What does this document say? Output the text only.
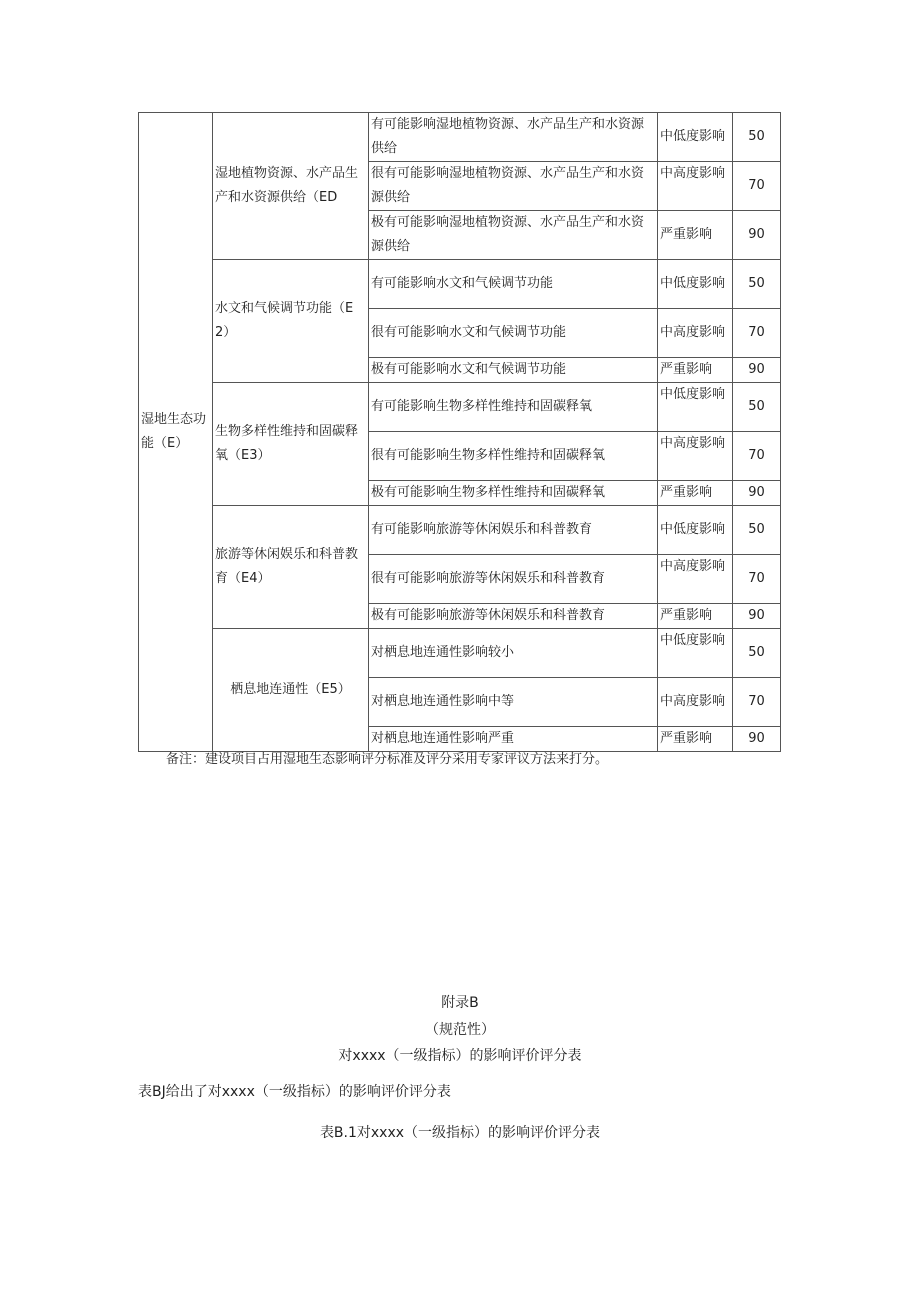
湿地生态功能（E）	湿地植物资源、水产品生产和水资源供给（ED	有可能影响湿地植物资源、水产品生产和水资源供给	中低度影响	50
		很有可能影响湿地植物资源、水产品生产和水资源供给	中高度影响	70
		极有可能影响湿地植物资源、水产品生产和水资源供给	严重影响	90
	水文和气候调节功能（E2）	有可能影响水文和气候调节功能	中低度影响	50
		很有可能影响水文和气候调节功能	中高度影响	70
		极有可能影响水文和气候调节功能	严重影响	90
	生物多样性维持和固碳释氧（E3）	有可能影响生物多样性维持和固碳释氧	中低度影响	50
		很有可能影响生物多样性维持和固碳释氧	中高度影响	70
		极有可能影响生物多样性维持和固碳释氧	严重影响	90
	旅游等休闲娱乐和科普教育（E4）	有可能影响旅游等休闲娱乐和科普教育	中低度影响	50
		很有可能影响旅游等休闲娱乐和科普教育	中高度影响	70
		极有可能影响旅游等休闲娱乐和科普教育	严重影响	90
	栖息地连通性（E5）	对栖息地连通性影响较小	中低度影响	50
		对栖息地连通性影响中等	中高度影响	70
		对栖息地连通性影响严重	严重影响	90
备注：建设项目占用湿地生态影响评分标准及评分采用专家评议方法来打分。
附录B
（规范性）
对xxxx（一级指标）的影响评价评分表
表BJ给出了对xxxx（一级指标）的影响评价评分表
表B.1对xxxx（一级指标）的影响评价评分表
